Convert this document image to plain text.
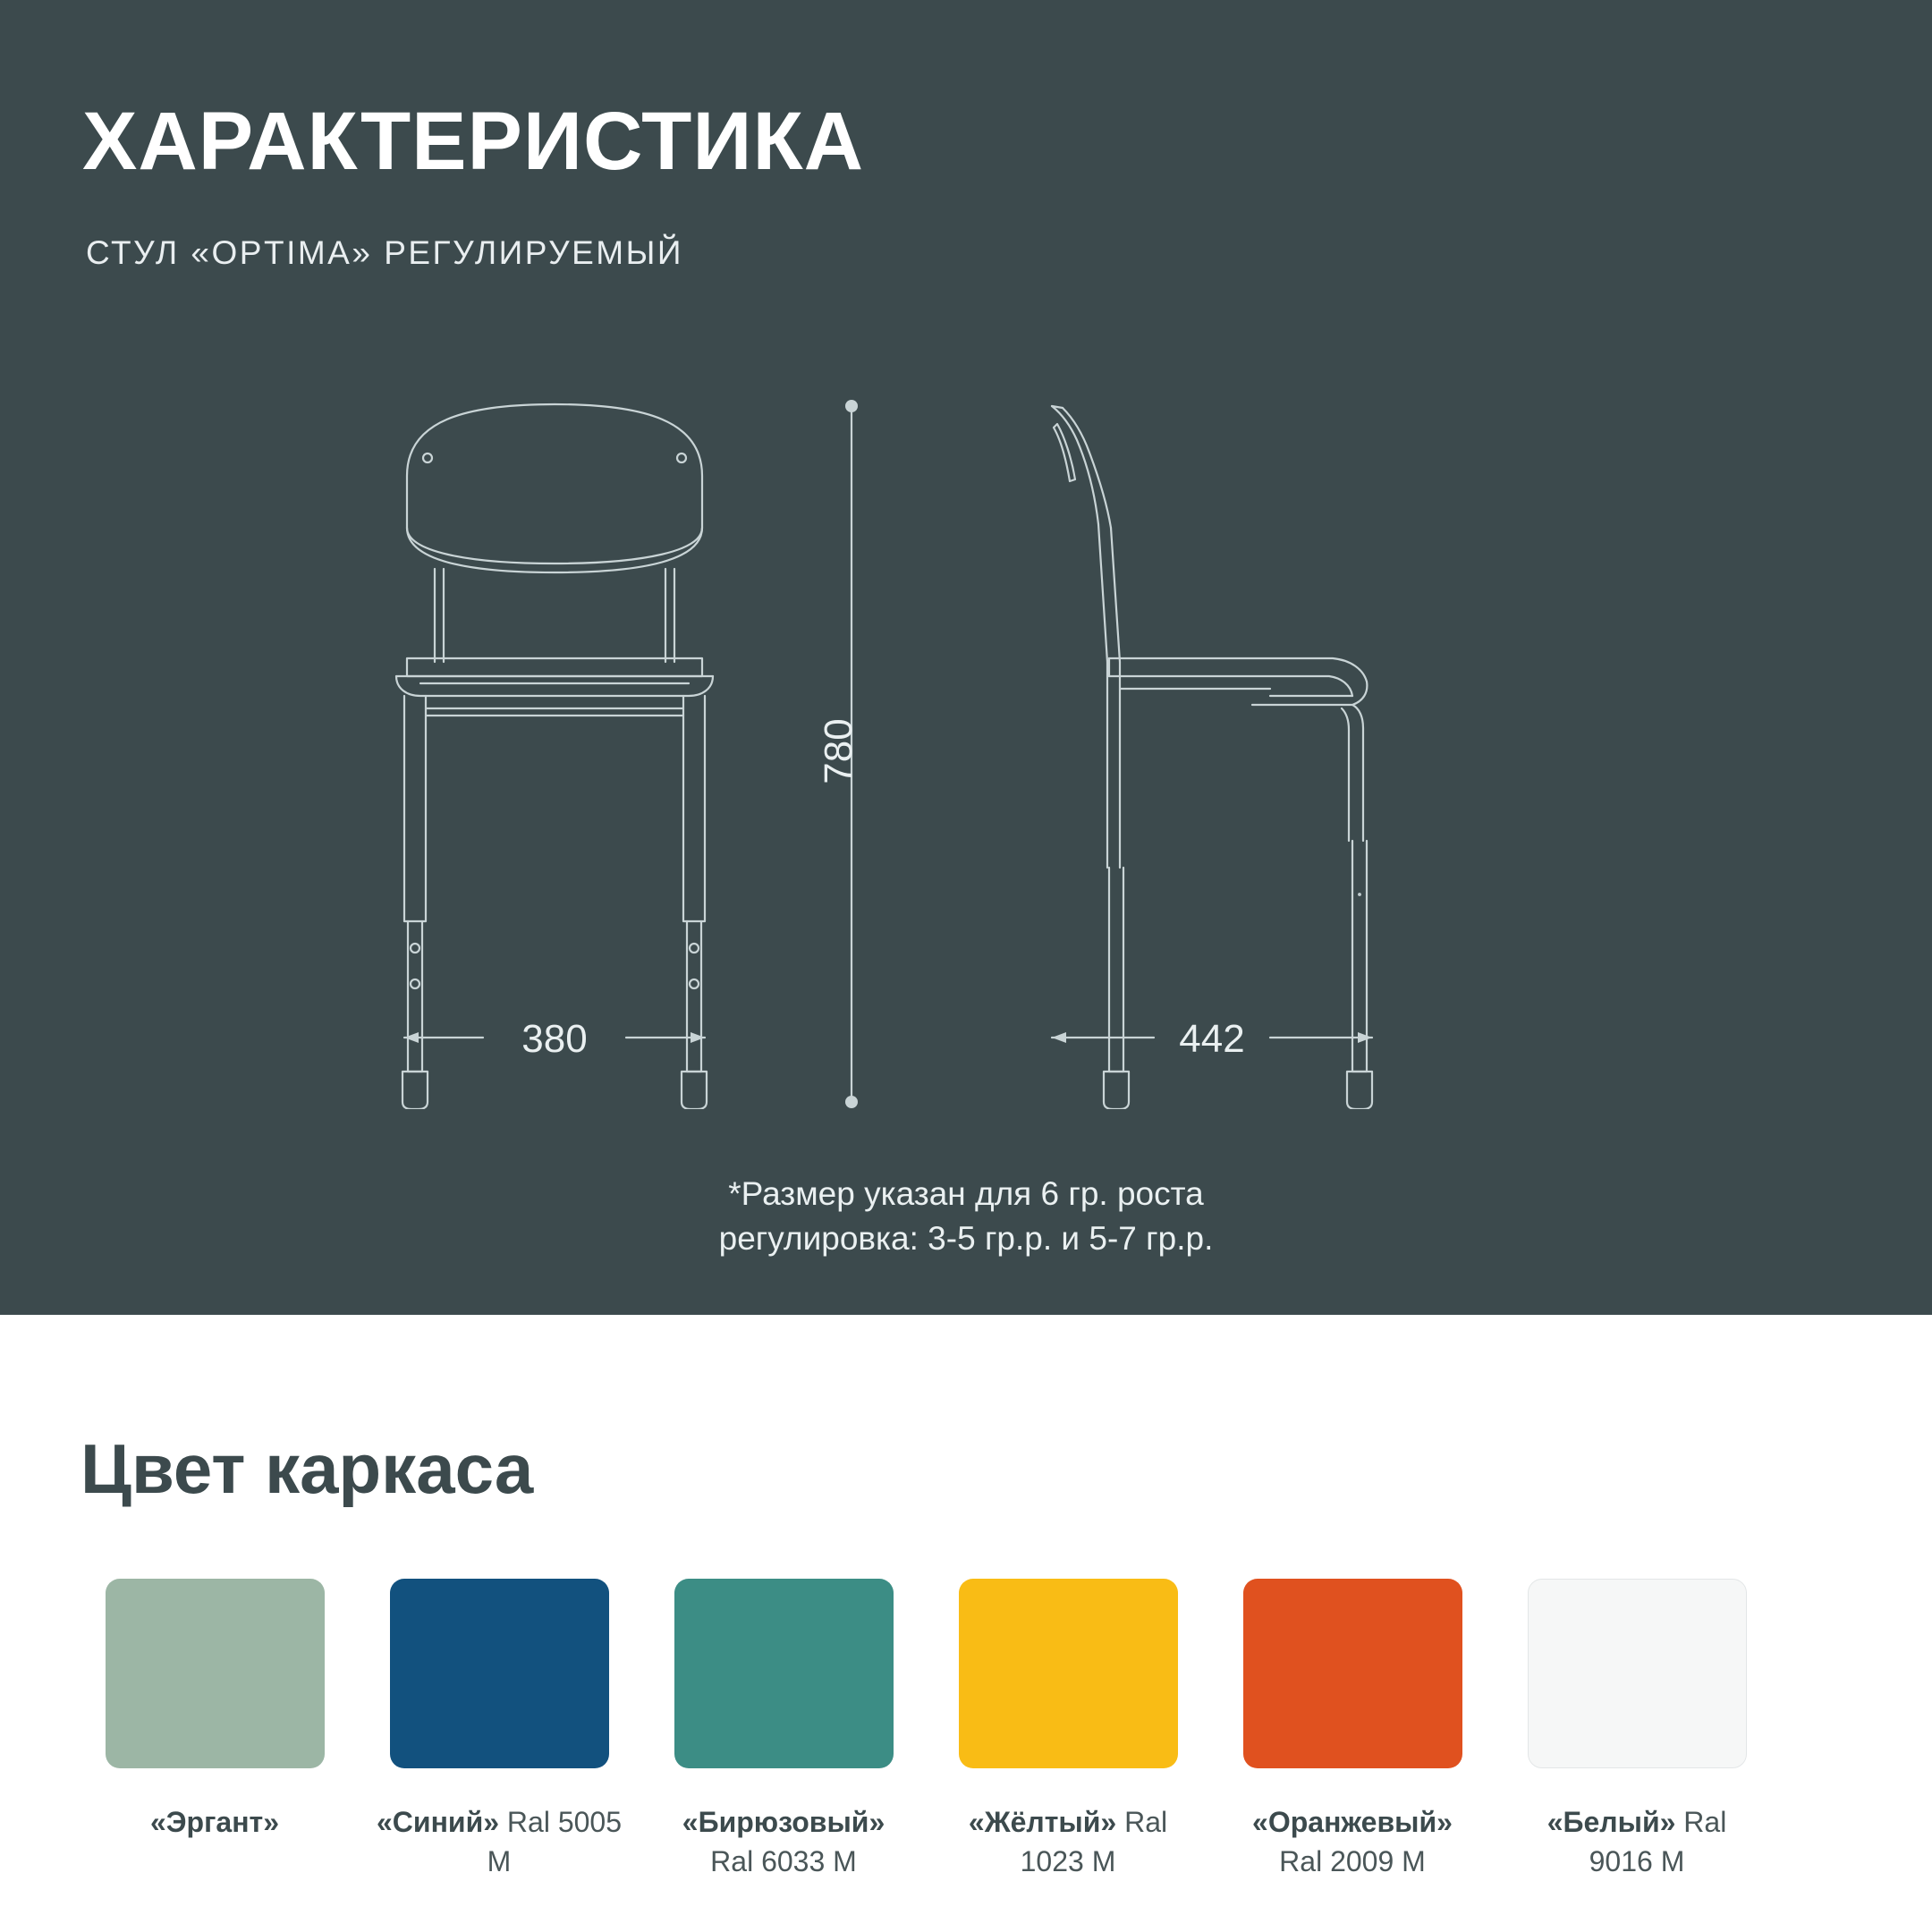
ХАРАКТЕРИСТИКА
СТУЛ «OPTIMA» РЕГУЛИРУЕМЫЙ
780
380	442
*Размер указан для 6 гр. роста
регулировка: 3-5 гр.р. и 5-7 гр.р.
Цвет каркаса
«Эргант»	«Синий» Ral 5005 M
«Бирюзовый» Ral 6033 M
«Жёлтый» Ral 1023 M
«Оранжевый» Ral 2009 M
«Белый» Ral 9016 M
